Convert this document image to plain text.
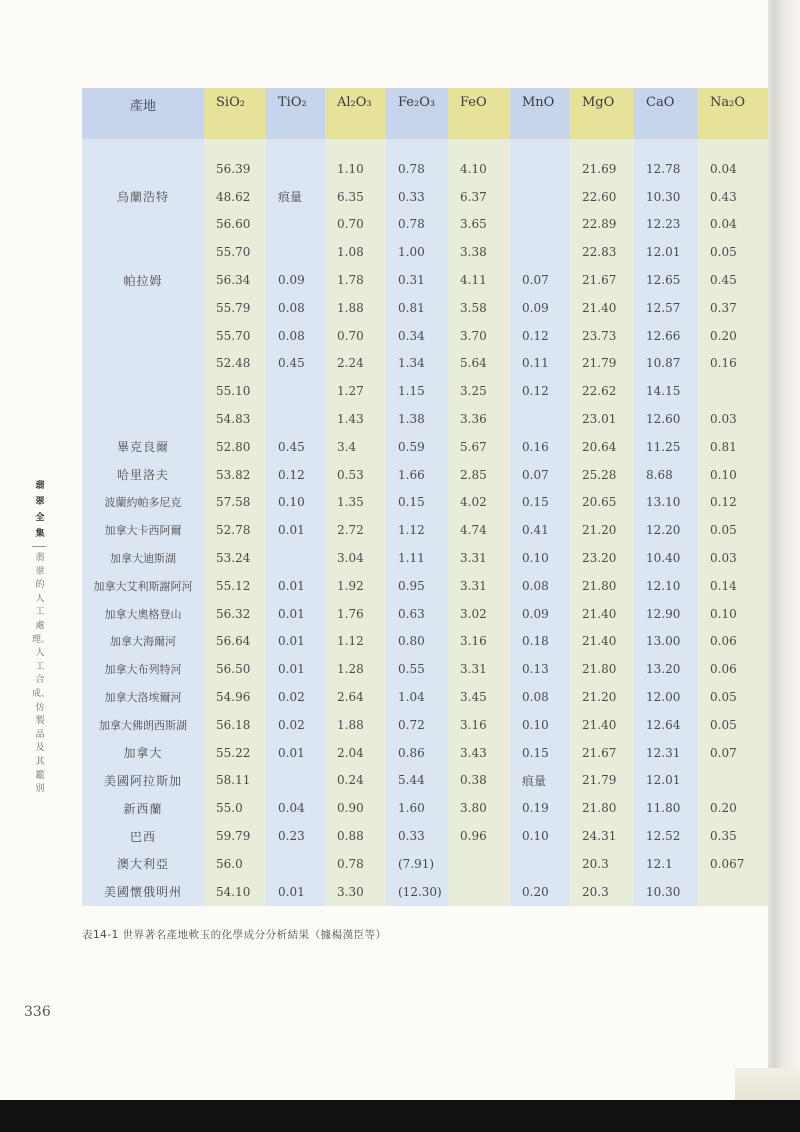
翡翠全集
翡翠的人工處理、人工合成、仿製品及其鑑別
產地	SiO₂	TiO₂	Al₂O₃	Fe₂O₃	FeO	MnO	MgO	CaO	Na₂O

	56.39		1.10	0.78	4.10		21.69	12.78	0.04
烏蘭浩特	48.62	痕量	6.35	0.33	6.37		22.60	10.30	0.43
	56.60		0.70	0.78	3.65		22.89	12.23	0.04
	55.70		1.08	1.00	3.38		22.83	12.01	0.05
帕拉姆	56.34	0.09	1.78	0.31	4.11	0.07	21.67	12.65	0.45
	55.79	0.08	1.88	0.81	3.58	0.09	21.40	12.57	0.37
	55.70	0.08	0.70	0.34	3.70	0.12	23.73	12.66	0.20
	52.48	0.45	2.24	1.34	5.64	0.11	21.79	10.87	0.16
	55.10		1.27	1.15	3.25	0.12	22.62	14.15	
	54.83		1.43	1.38	3.36		23.01	12.60	0.03
畢克良爾	52.80	0.45	3.4	0.59	5.67	0.16	20.64	11.25	0.81
哈里洛夫	53.82	0.12	0.53	1.66	2.85	0.07	25.28	8.68	0.10
波蘭約帕多尼克	57.58	0.10	1.35	0.15	4.02	0.15	20.65	13.10	0.12
加拿大卡西阿爾	52.78	0.01	2.72	1.12	4.74	0.41	21.20	12.20	0.05
加拿大迪斯湖	53.24		3.04	1.11	3.31	0.10	23.20	10.40	0.03
加拿大艾利斯謝阿河	55.12	0.01	1.92	0.95	3.31	0.08	21.80	12.10	0.14
加拿大奧格登山	56.32	0.01	1.76	0.63	3.02	0.09	21.40	12.90	0.10
加拿大海爾河	56.64	0.01	1.12	0.80	3.16	0.18	21.40	13.00	0.06
加拿大布列特河	56.50	0.01	1.28	0.55	3.31	0.13	21.80	13.20	0.06
加拿大洛埃爾河	54.96	0.02	2.64	1.04	3.45	0.08	21.20	12.00	0.05
加拿大佛朗西斯湖	56.18	0.02	1.88	0.72	3.16	0.10	21.40	12.64	0.05
加拿大	55.22	0.01	2.04	0.86	3.43	0.15	21.67	12.31	0.07
美國阿拉斯加	58.11		0.24	5.44	0.38	痕量	21.79	12.01	
新西蘭	55.0	0.04	0.90	1.60	3.80	0.19	21.80	11.80	0.20
巴西	59.79	0.23	0.88	0.33	0.96	0.10	24.31	12.52	0.35
澳大利亞	56.0		0.78	(7.91)			20.3	12.1	0.067
美國懷俄明州	54.10	0.01	3.30	(12.30)		0.20	20.3	10.30	
表14-1 世界著名產地軟玉的化學成分分析結果（據楊漢臣等）
336
